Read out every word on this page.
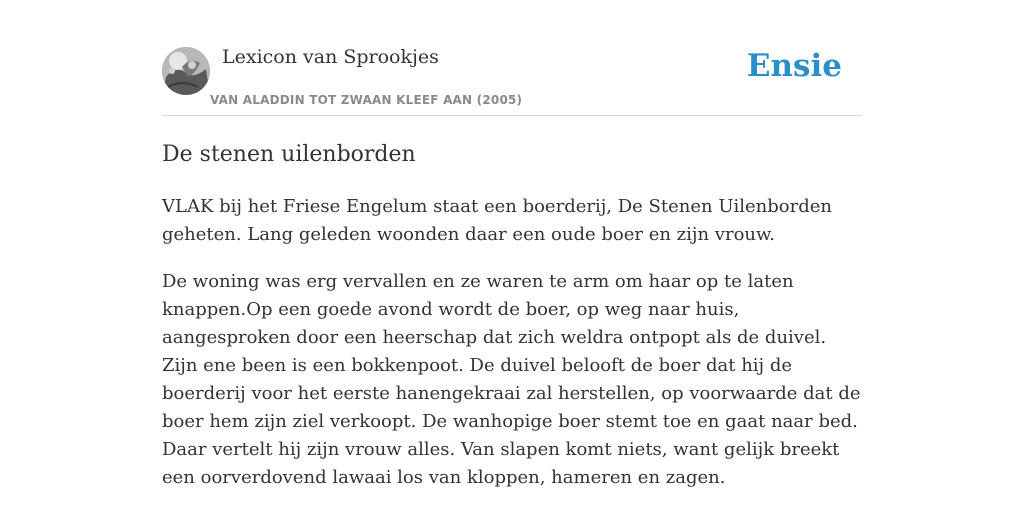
Lexicon van Sprookjes
VAN ALADDIN TOT ZWAAN KLEEF AAN (2005)
Ensie
De stenen uilenborden

VLAK bij het Friese Engelum staat een boerderij, De Stenen Uilenborden geheten. Lang geleden woonden daar een oude boer en zijn vrouw.

De woning was erg vervallen en ze waren te arm om haar op te laten knappen.Op een goede avond wordt de boer, op weg naar huis, aangesproken door een heerschap dat zich weldra ontpopt als de duivel. Zijn ene been is een bokkenpoot. De duivel belooft de boer dat hij de boerderij voor het eerste hanengekraai zal herstellen, op voorwaarde dat de boer hem zijn ziel verkoopt. De wanhopige boer stemt toe en gaat naar bed. Daar vertelt hij zijn vrouw alles. Van slapen komt niets, want gelijk breekt een oorverdovend lawaai los van kloppen, hameren en zagen.
